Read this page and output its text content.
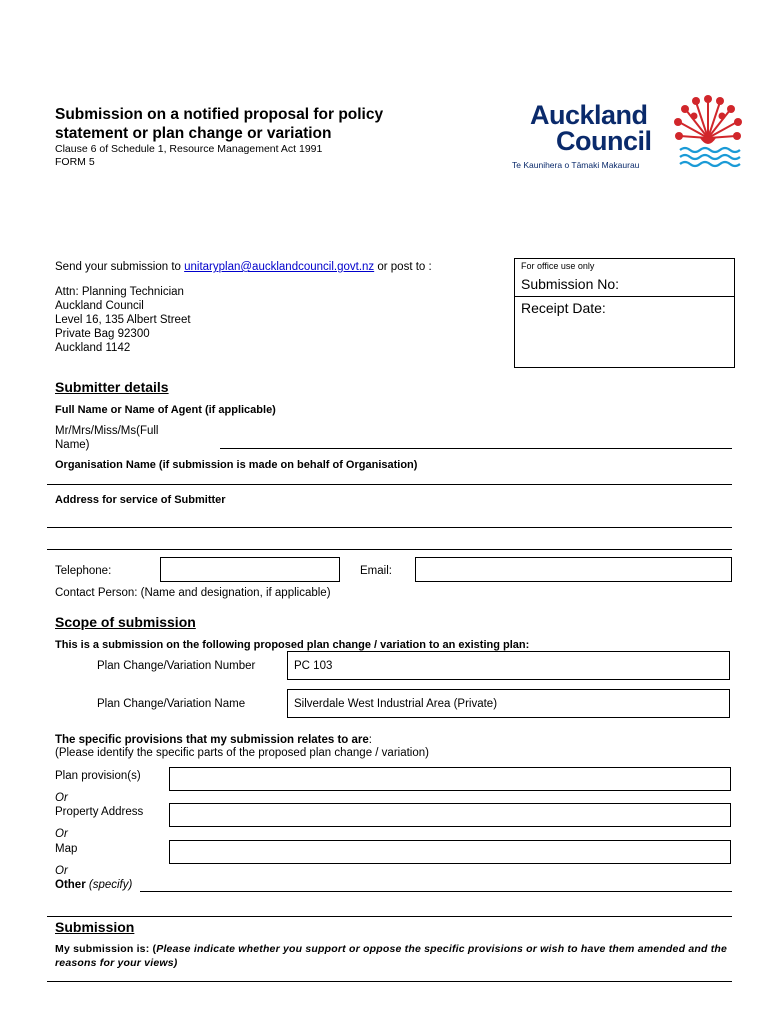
Submission on a notified proposal for policy
statement or plan change or variation
Clause 6 of Schedule 1, Resource Management Act 1991
FORM 5
Auckland
Council
Te Kaunihera o Tāmaki Makaurau
Send your submission to unitaryplan@aucklandcouncil.govt.nz or post to :
Attn: Planning Technician
Auckland Council
Level 16, 135 Albert Street
Private Bag 92300
Auckland 1142
For office use only
Submission No:
Receipt Date:
Submitter details
Full Name or Name of Agent (if applicable)
Mr/Mrs/Miss/Ms(Full Name)
Organisation Name (if submission is made on behalf of Organisation)
Address for service of Submitter
Telephone:	Email:
Contact Person: (Name and designation, if applicable)
Scope of submission
This is a submission on the following proposed plan change / variation to an existing plan:
Plan Change/Variation Number	PC 103
Plan Change/Variation Name	Silverdale West Industrial Area (Private)
The specific provisions that my submission relates to are:
(Please identify the specific parts of the proposed plan change / variation)
Plan provision(s)
Or
Property Address
Or
Map
Or
Other (specify)
Submission
My submission is: (Please indicate whether you support or oppose the specific provisions or wish to have them amended and the reasons for your views)
